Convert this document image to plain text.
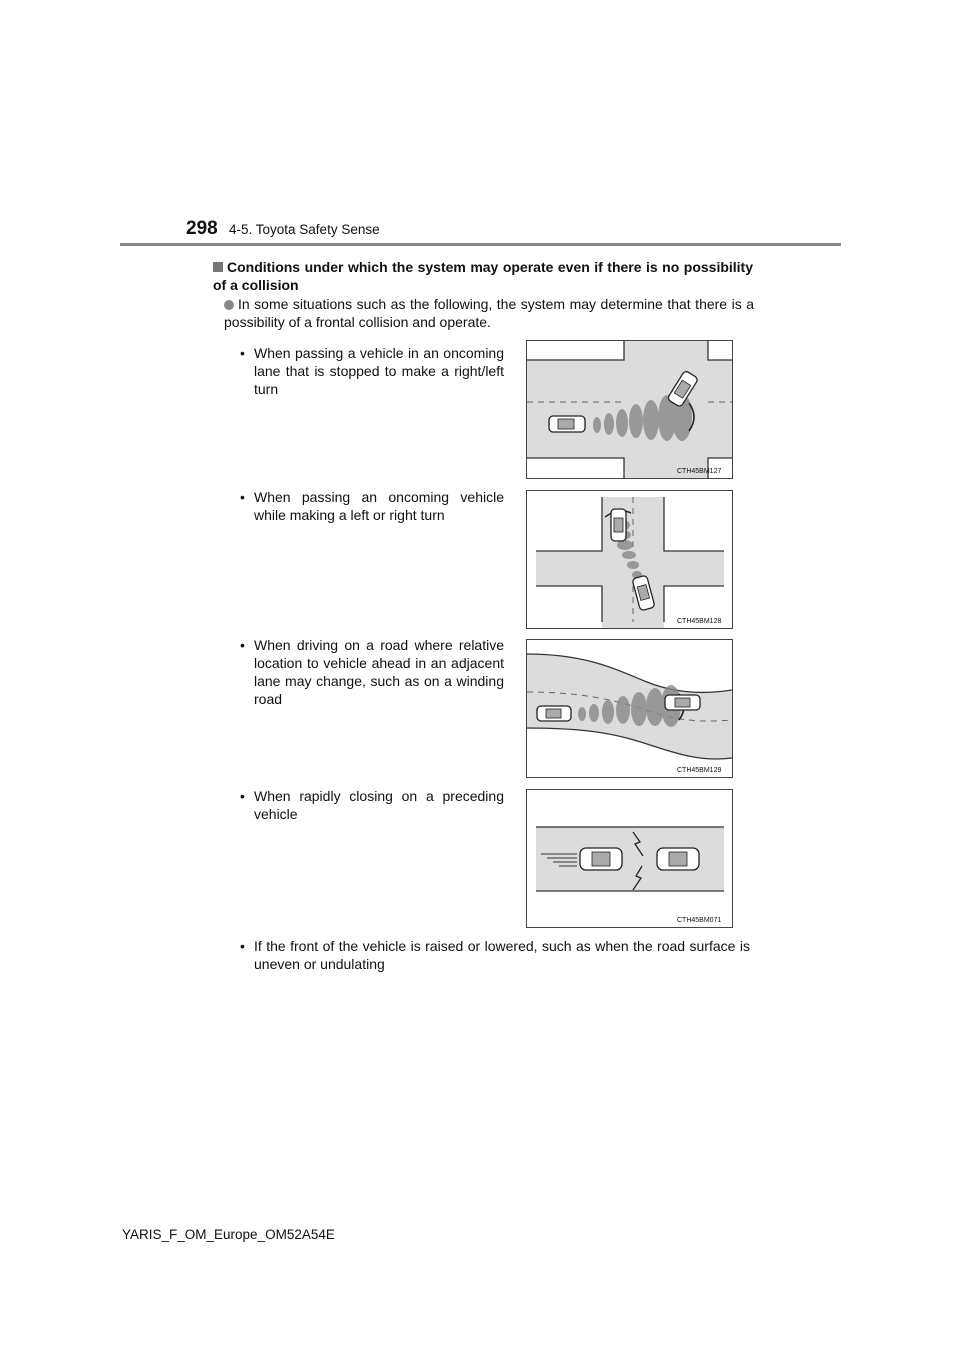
298 4-5. Toyota Safety Sense
Conditions under which the system may operate even if there is no possibility of a collision
In some situations such as the following, the system may determine that there is a possibility of a frontal collision and operate.
• When passing a vehicle in an oncoming lane that is stopped to make a right/left turn
CTH45BM127
• When passing an oncoming vehicle while making a left or right turn
CTH45BM128
• When driving on a road where relative location to vehicle ahead in an adjacent lane may change, such as on a winding road
CTH45BM129
• When rapidly closing on a preceding vehicle
CTH45BM071
• If the front of the vehicle is raised or lowered, such as when the road surface is uneven or undulating
YARIS_F_OM_Europe_OM52A54E
